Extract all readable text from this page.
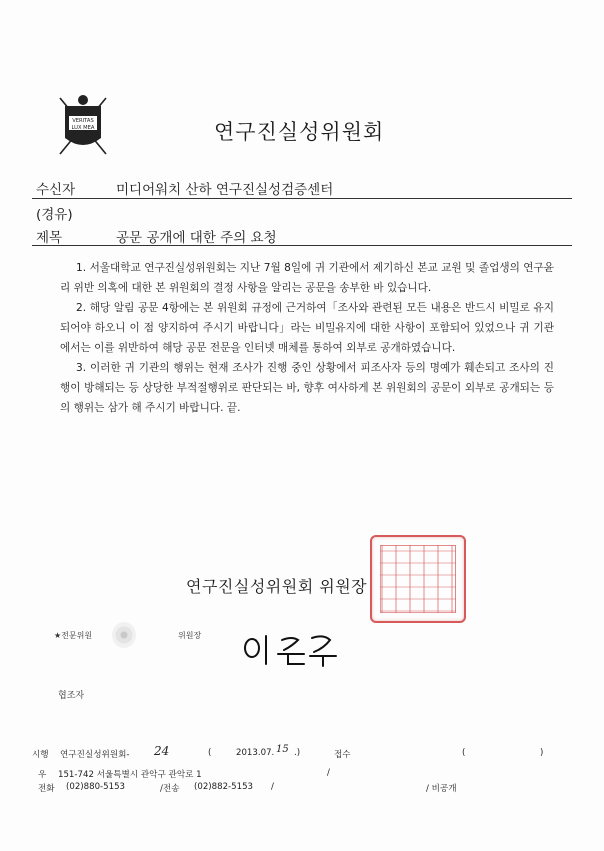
VERITAS
LUX MEA	연구진실성위원회
수신자	미디어워치 산하 연구진실성검증센터
(경유)
제목	공문 공개에 대한 주의 요청

1. 서울대학교 연구진실성위원회는 지난 7월 8일에 귀 기관에서 제기하신 본교 교원 및 졸업생의 연구윤리 위반 의혹에 대한 본 위원회의 결정 사항을 알리는 공문을 송부한 바 있습니다.

2. 해당 알림 공문 4항에는 본 위원회 규정에 근거하여「조사와 관련된 모든 내용은 반드시 비밀로 유지되어야 하오니 이 점 양지하여 주시기 바랍니다」라는 비밀유지에 대한 사항이 포함되어 있었으나 귀 기관에서는 이를 위반하여 해당 공문 전문을 인터넷 매체를 통하여 외부로 공개하였습니다.

3. 이러한 귀 기관의 행위는 현재 조사가 진행 중인 상황에서 피조사자 등의 명예가 훼손되고 조사의 진행이 방해되는 등 상당한 부적절행위로 판단되는 바, 향후 여사하게 본 위원회의 공문이 외부로 공개되는 등의 행위는 삼가 해 주시기 바랍니다. 끝.

연구진실성위원회 위원장
★전문위원	위원장
협조자
시행 연구진실성위원회- 24	(	2013.07. 15 .)	접수	(	)
우 151-742 서울특별시 관악구 관악로 1	/
전화 (02)880-5153	/전송 (02)882-5153 /	/ 비공개
